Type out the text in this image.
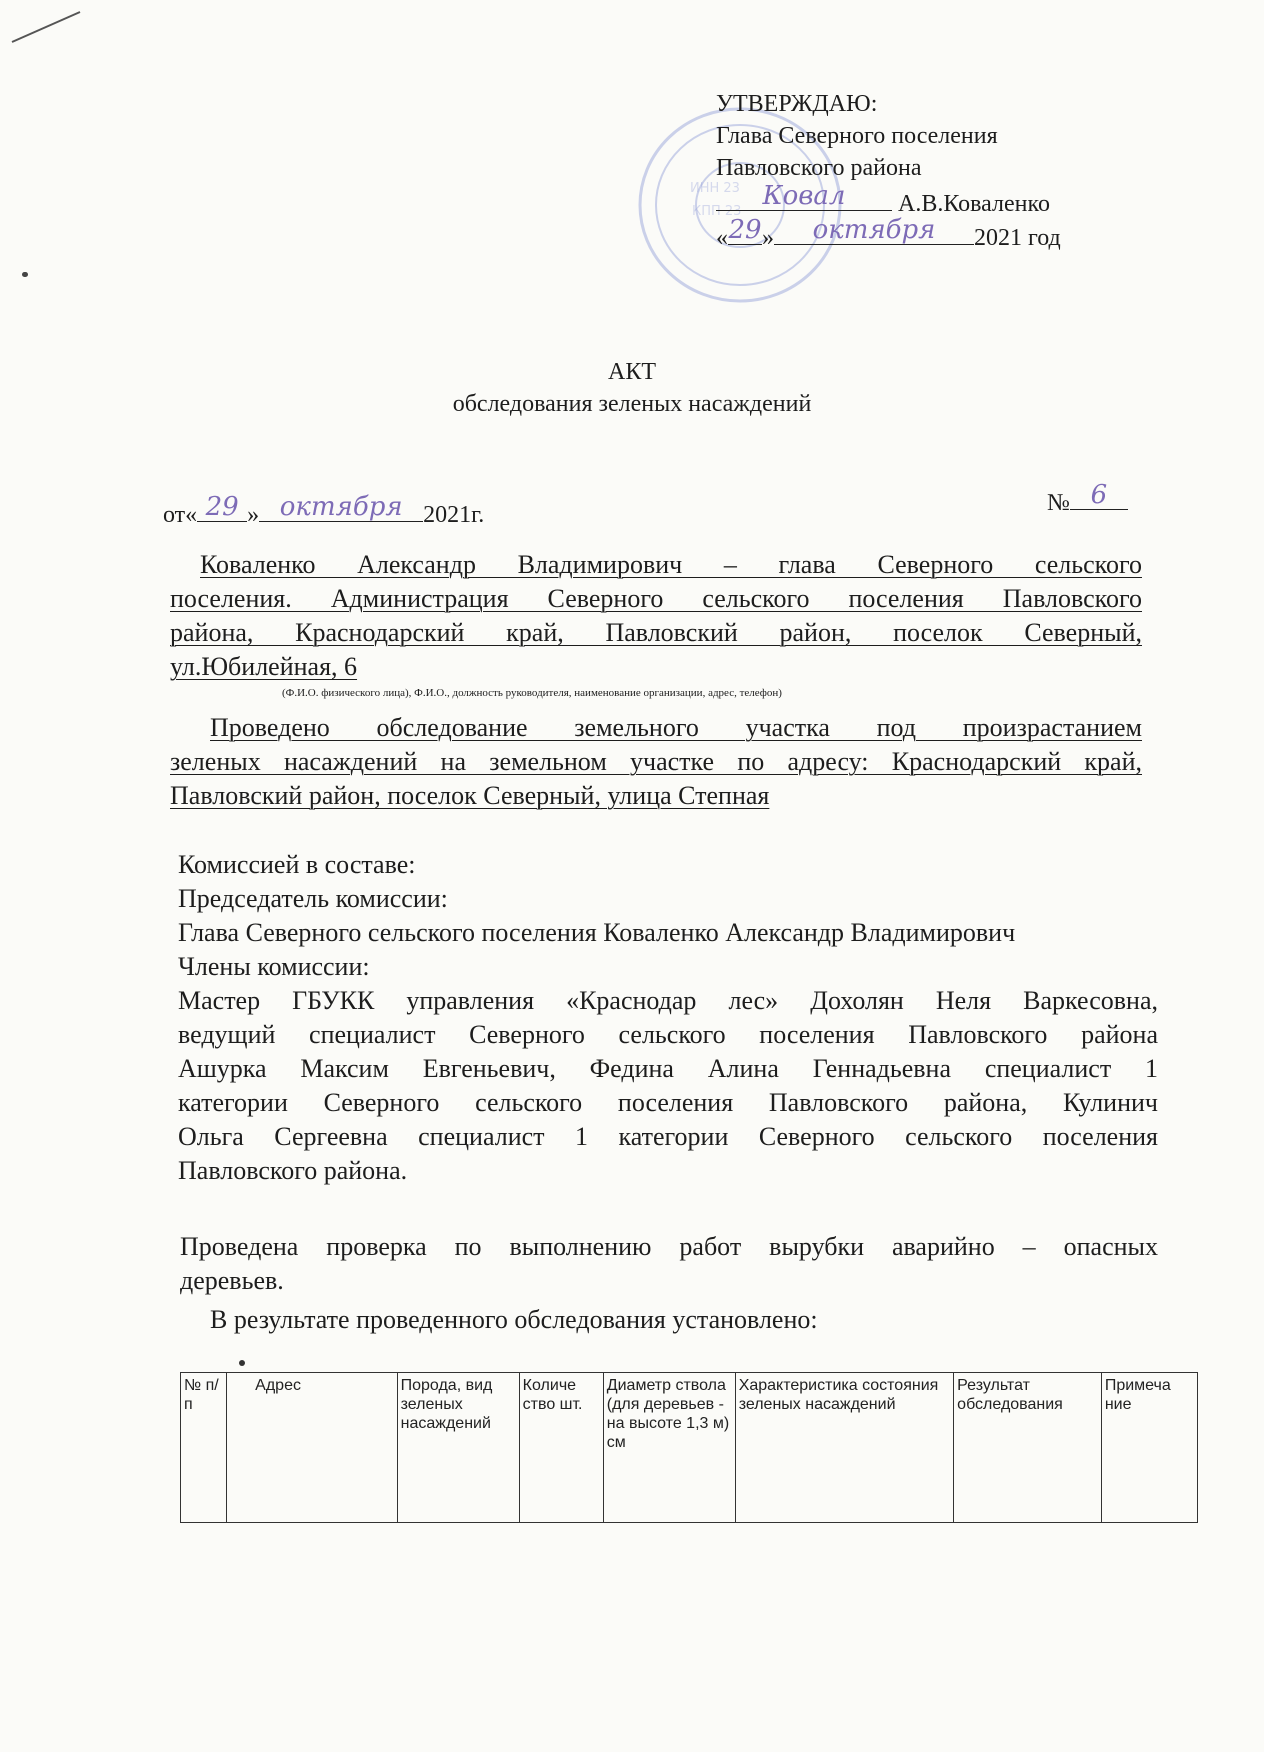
ИНН 23
КПП 23
УТВЕРЖДАЮ:
Глава Северного поселения
Павловского района
Ковал	А.В.Коваленко
« 29 »	октября	2021 год
АКТ
обследования зеленых насаждений
от« 29 » октября 2021г.	№ 6
Коваленко Александр Владимирович – глава Северного сельского
поселения. Администрация Северного сельского поселения Павловского
района, Краснодарский край, Павловский район, поселок Северный,
ул.Юбилейная, 6
(Ф.И.О. физического лица), Ф.И.О., должность руководителя, наименование организации, адрес, телефон)
Проведено обследование земельного участка под произрастанием
зеленых насаждений на земельном участке по адресу: Краснодарский край,
Павловский район, поселок Северный, улица Степная
Комиссией в составе:
Председатель комиссии:
Глава Северного сельского поселения Коваленко Александр Владимирович
Члены комиссии:
Мастер ГБУКК управления «Краснодар лес» Дохолян Неля Варкесовна,
ведущий специалист Северного сельского поселения Павловского района
Ашурка Максим Евгеньевич, Федина Алина Геннадьевна специалист 1
категории Северного сельского поселения Павловского района, Кулинич
Ольга Сергеевна специалист 1 категории Северного сельского поселения
Павловского района.
Проведена проверка по выполнению работ вырубки аварийно – опасных
деревьев.
В результате проведенного обследования установлено:
№ п/п	Адрес	Порода, вид зеленых насаждений	Количе ство шт.	Диаметр ствола (для деревьев - на высоте 1,3 м) см	Характеристика состояния зеленых насаждений	Результат обследования	Примеча ние
